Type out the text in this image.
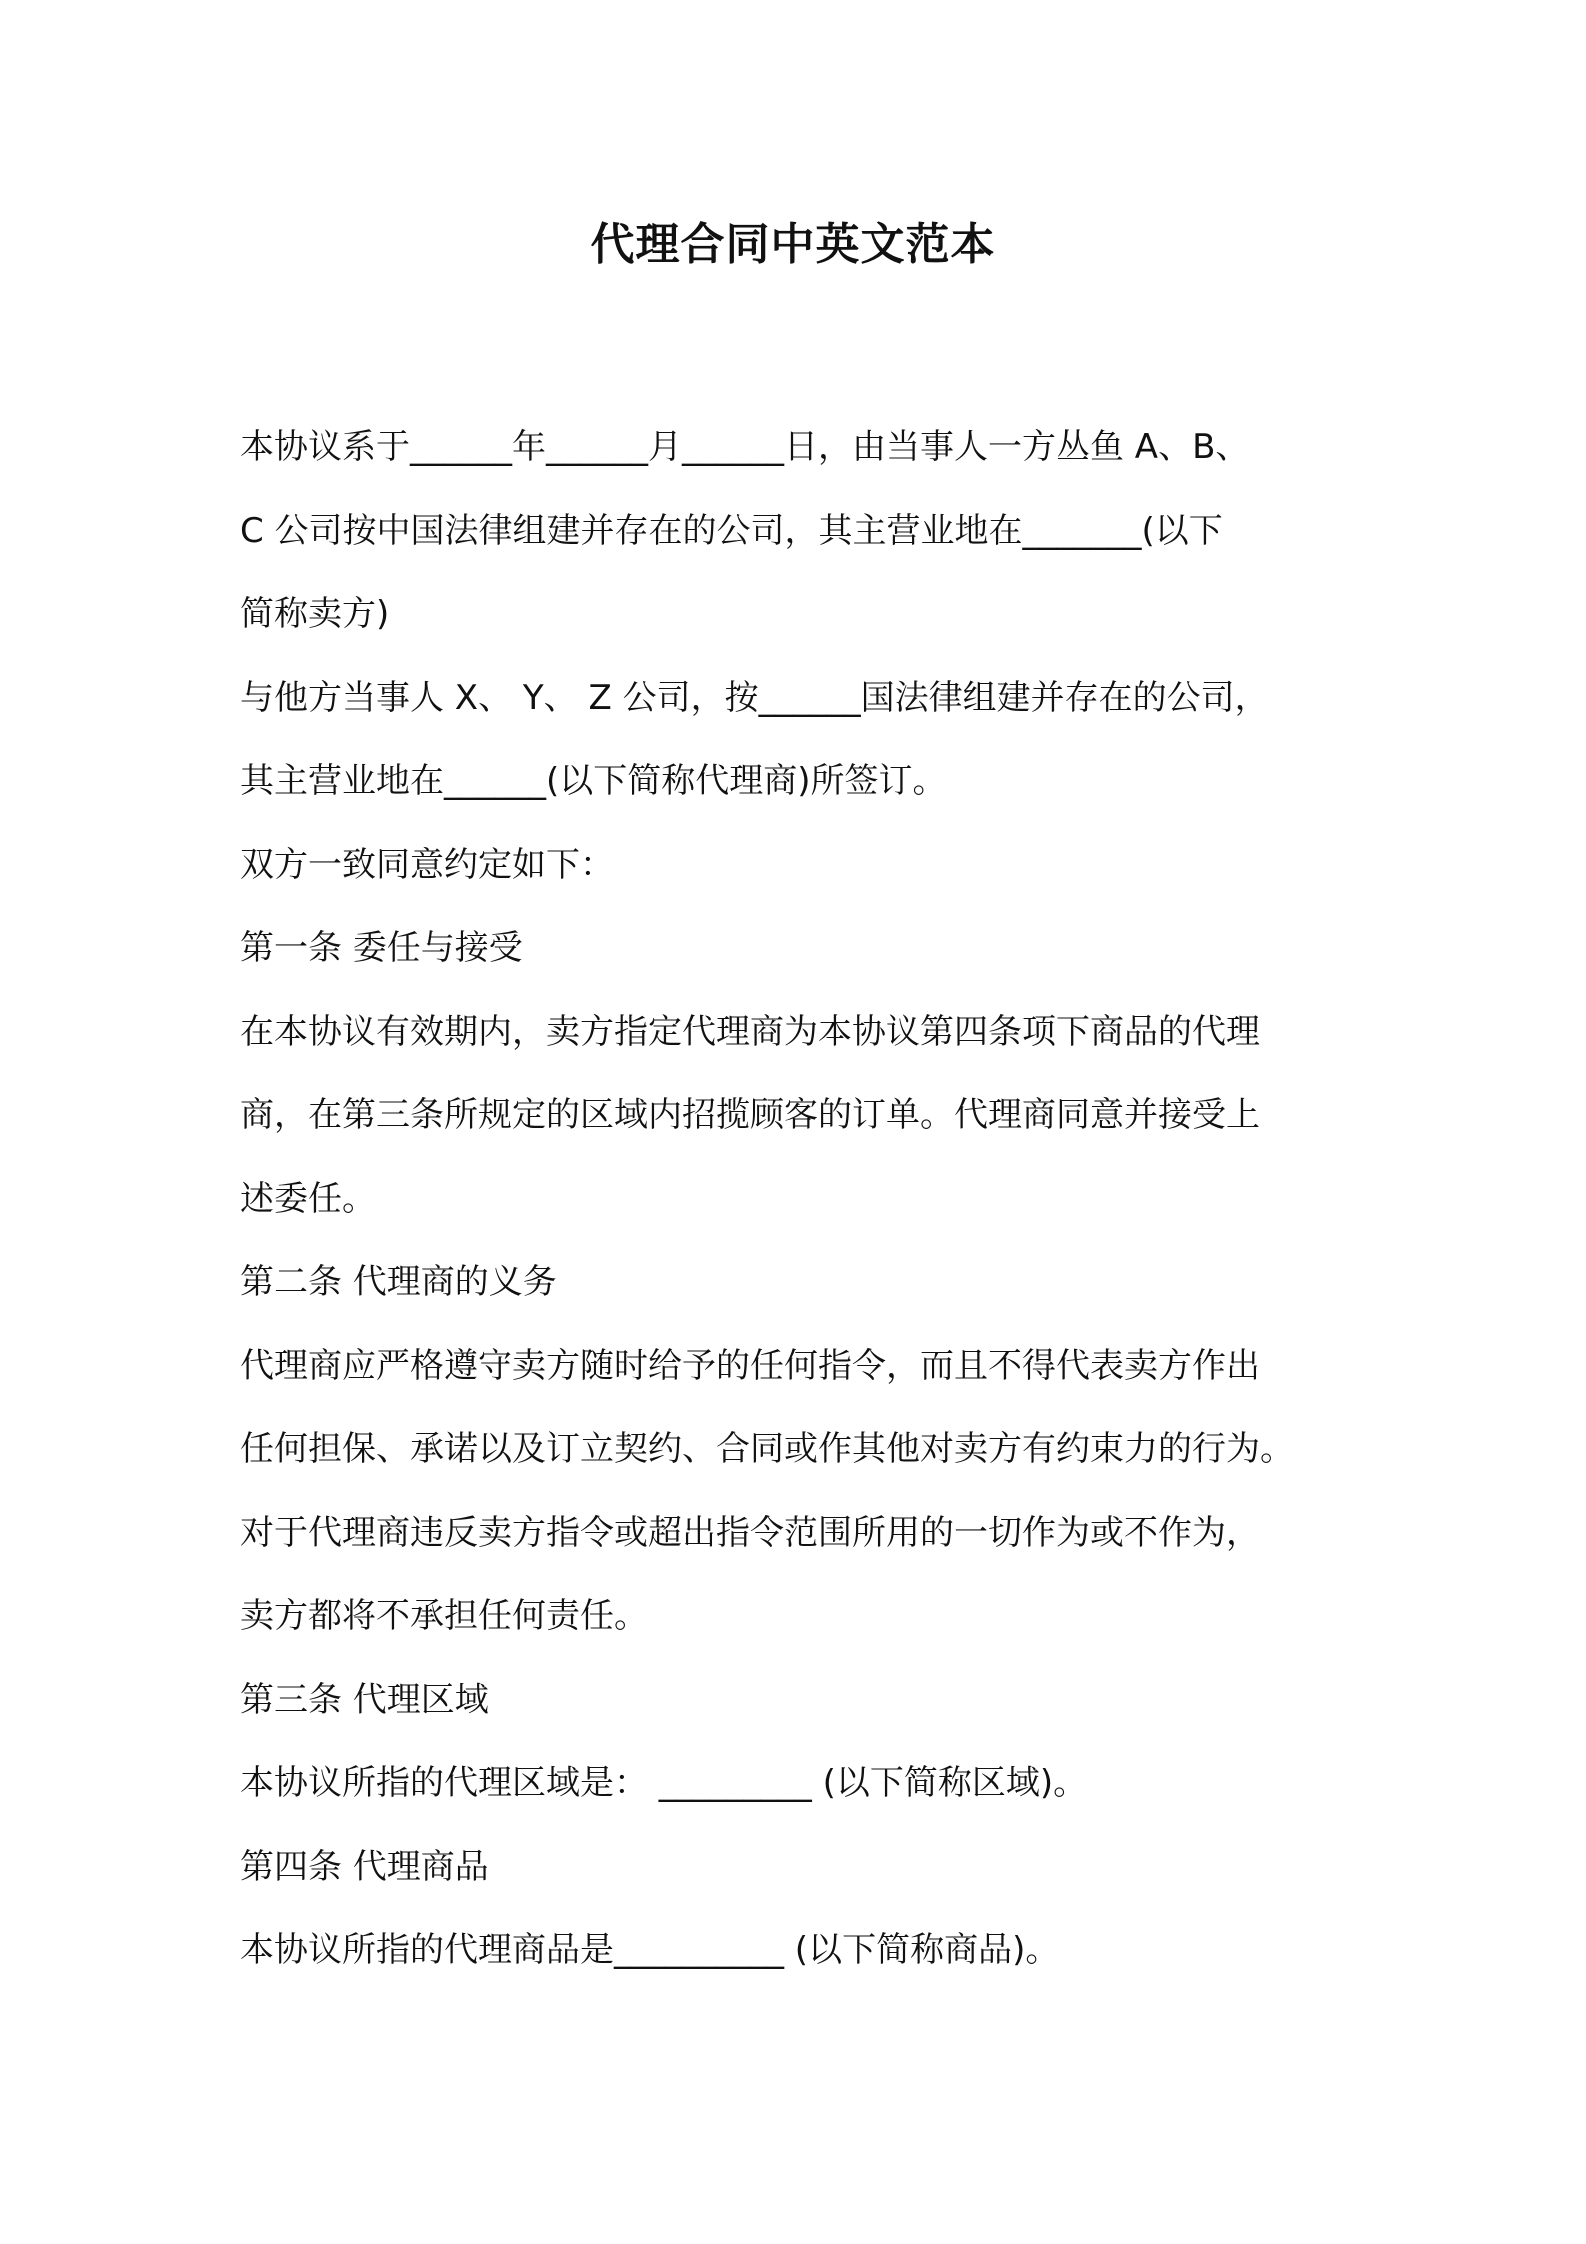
代理合同中英文范本

本协议系于______年______月______日，由当事人一方丛鱼 A、B、

C 公司按中国法律组建并存在的公司，其主营业地在_______(以下

简称卖方)

与他方当事人 X、 Y、 Z 公司，按______国法律组建并存在的公司，

其主营业地在______(以下简称代理商)所签订。

双方一致同意约定如下：

第一条 委任与接受

在本协议有效期内，卖方指定代理商为本协议第四条项下商品的代理

商，在第三条所规定的区域内招揽顾客的订单。代理商同意并接受上

述委任。

第二条 代理商的义务

代理商应严格遵守卖方随时给予的任何指令，而且不得代表卖方作出

任何担保、承诺以及订立契约、合同或作其他对卖方有约束力的行为。

对于代理商违反卖方指令或超出指令范围所用的一切作为或不作为，

卖方都将不承担任何责任。

第三条 代理区域

本协议所指的代理区域是： _________ (以下简称区域)。

第四条 代理商品

本协议所指的代理商品是__________ (以下简称商品)。
